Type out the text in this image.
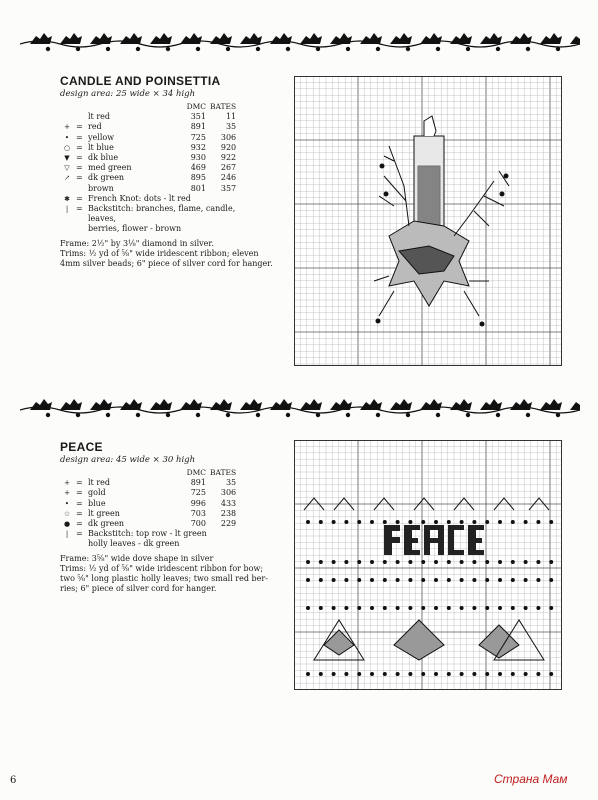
CANDLE AND POINSETTIA
design area: 25 wide × 34 high
			DMC	BATES
		lt red	351	11
+	=	red	891	35
•	=	yellow	725	306
○	=	lt blue	932	920
▼	=	dk blue	930	922
▽	=	med green	469	267
↗	=	dk green	895	246
		brown	801	357
✱	=	French Knot: dots - lt red		
|	=	Backstitch: branches, flame, candle, leaves,
berries, flower - brown		
Frame: 2½" by 3⅛" diamond in silver.
Trims: ½ yd of ⅝" wide iridescent ribbon; eleven
4mm silver beads; 6" piece of silver cord for hanger.
PEACE
design area: 45 wide × 30 high
			DMC	BATES
+	=	lt red	891	35
+	=	gold	725	306
•	=	blue	996	433
☆	=	lt green	703	238
●	=	dk green	700	229
|	=	Backstitch: top row - lt green
holly leaves - dk green		
Frame: 3⅝" wide dove shape in silver
Trims: ½ yd of ⅝" wide iridescent ribbon for bow;
two ⅝" long plastic holly leaves; two small red ber-
ries; 6" piece of silver cord for hanger.
6	Страна Мам
